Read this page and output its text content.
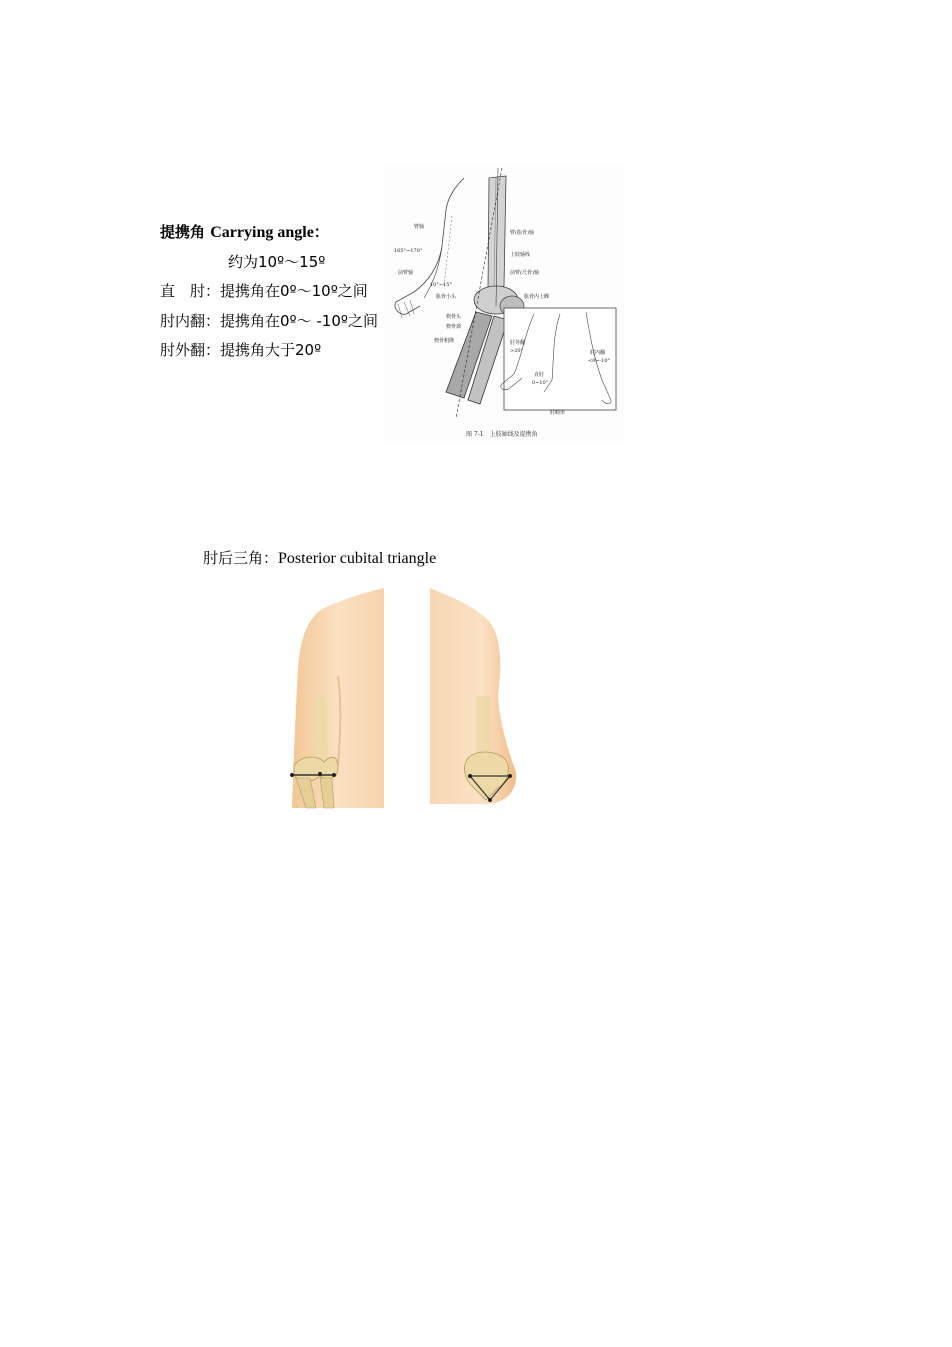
提携角 Carrying angle：
约为10º～15º
直　肘：提携角在0º～10º之间
肘内翻：提携角在0º～ -10º之间
肘外翻：提携角大于20º
臂轴
165°~170°
前臂轴
10°~15°
臂(肱骨)轴
上肢轴线
前臂(尺骨)轴
肱骨小头	肱骨内上髁
桡骨头
桡骨颈
桡骨粗隆	肘外翻
>20°	肘内翻
<0~-10°
直肘
0~10°
肘畸形
图 7-1　上肢轴线及提携角
肘后三角：Posterior cubital triangle
